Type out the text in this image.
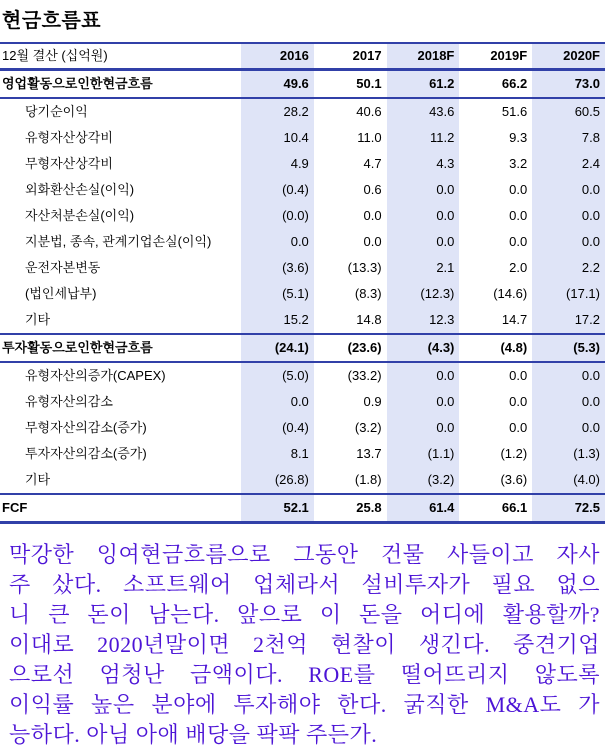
현금흐름표
12월 결산 (십억원)	2016	2017	2018F	2019F	2020F
영업활동으로인한현금흐름	49.6	50.1	61.2	66.2	73.0
당기순이익	28.2	40.6	43.6	51.6	60.5
유형자산상각비	10.4	11.0	11.2	9.3	7.8
무형자산상각비	4.9	4.7	4.3	3.2	2.4
외화환산손실(이익)	(0.4)	0.6	0.0	0.0	0.0
자산처분손실(이익)	(0.0)	0.0	0.0	0.0	0.0
지분법, 종속, 관계기업손실(이익)	0.0	0.0	0.0	0.0	0.0
운전자본변동	(3.6)	(13.3)	2.1	2.0	2.2
(법인세납부)	(5.1)	(8.3)	(12.3)	(14.6)	(17.1)
기타	15.2	14.8	12.3	14.7	17.2
투자활동으로인한현금흐름	(24.1)	(23.6)	(4.3)	(4.8)	(5.3)
유형자산의증가(CAPEX)	(5.0)	(33.2)	0.0	0.0	0.0
유형자산의감소	0.0	0.9	0.0	0.0	0.0
무형자산의감소(증가)	(0.4)	(3.2)	0.0	0.0	0.0
투자자산의감소(증가)	8.1	13.7	(1.1)	(1.2)	(1.3)
기타	(26.8)	(1.8)	(3.2)	(3.6)	(4.0)
FCF	52.1	25.8	61.4	66.1	72.5
막강한 잉여현금흐름으로 그동안 건물 사들이고 자사
주 샀다. 소프트웨어 업체라서 설비투자가 필요 없으
니 큰 돈이 남는다. 앞으로 이 돈을 어디에 활용할까?
이대로 2020년말이면 2천억 현찰이 생긴다. 중견기업
으로선 엄청난 금액이다. ROE를 떨어뜨리지 않도록
이익률 높은 분야에 투자해야 한다. 굵직한 M&A도 가
능하다. 아님 아애 배당을 팍팍 주든가.
